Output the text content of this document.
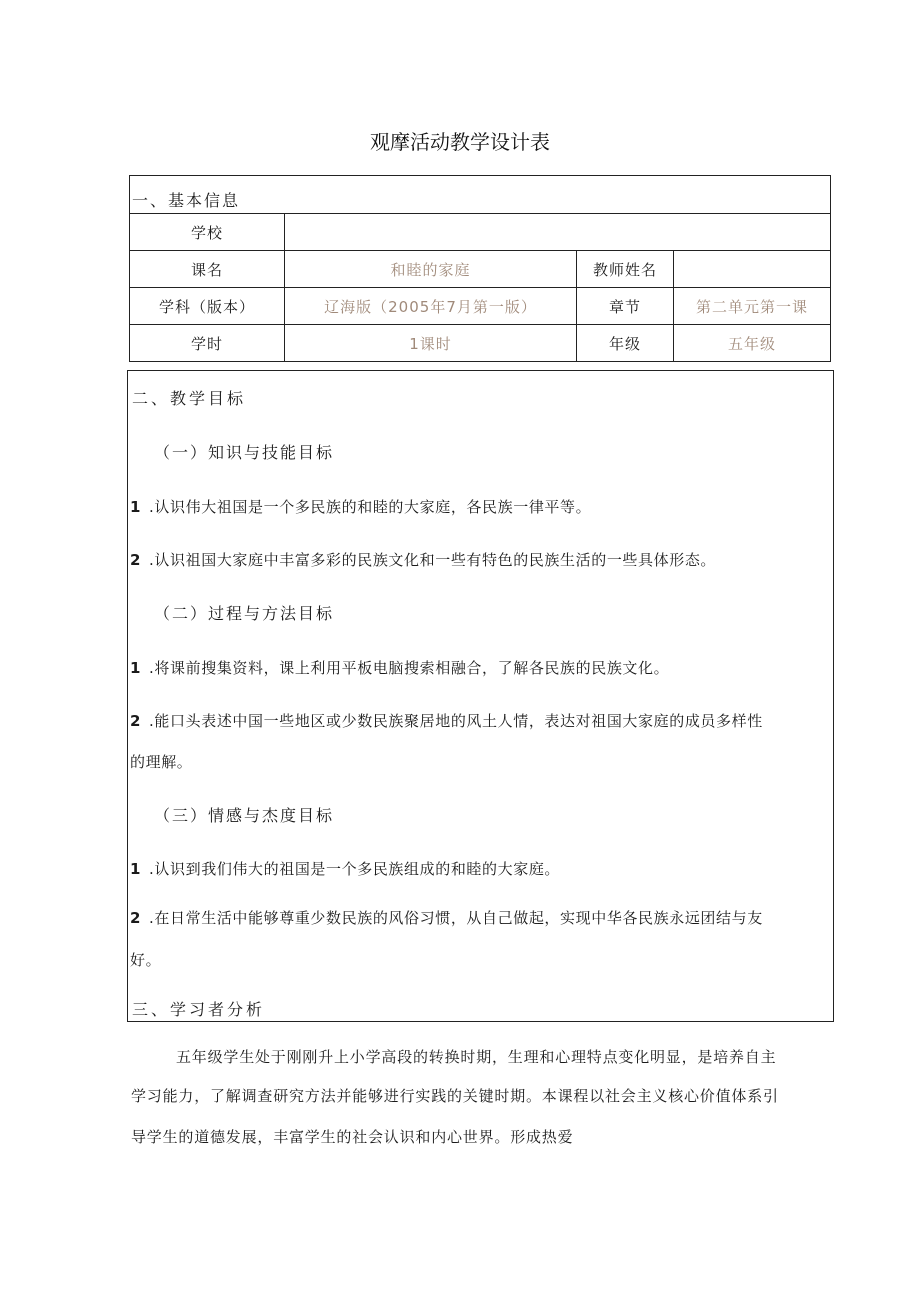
观摩活动教学设计表
一、基本信息
学校
课名	和睦的家庭	教师姓名
学科（版本）	辽海版（2005年7月第一版）	章节	第二单元第一课
学时	1课时	年级	五年级
二、教学目标
（一）知识与技能目标
1 .认识伟大祖国是一个多民族的和睦的大家庭，各民族一律平等。
2 .认识祖国大家庭中丰富多彩的民族文化和一些有特色的民族生活的一些具体形态。
（二）过程与方法目标
1 .将课前搜集资料，课上利用平板电脑搜索相融合，了解各民族的民族文化。
2 .能口头表述中国一些地区或少数民族聚居地的风土人情，表达对祖国大家庭的成员多样性
的理解。
（三）情感与杰度目标
1 .认识到我们伟大的祖国是一个多民族组成的和睦的大家庭。
2 .在日常生活中能够尊重少数民族的风俗习惯，从自己做起，实现中华各民族永远团结与友
好。
三、学习者分析
五年级学生处于刚刚升上小学高段的转换时期，生理和心理特点变化明显，是培养自主
学习能力，了解调查研究方法并能够进行实践的关键时期。本课程以社会主义核心价值体系引
导学生的道德发展，丰富学生的社会认识和内心世界。形成热爱
